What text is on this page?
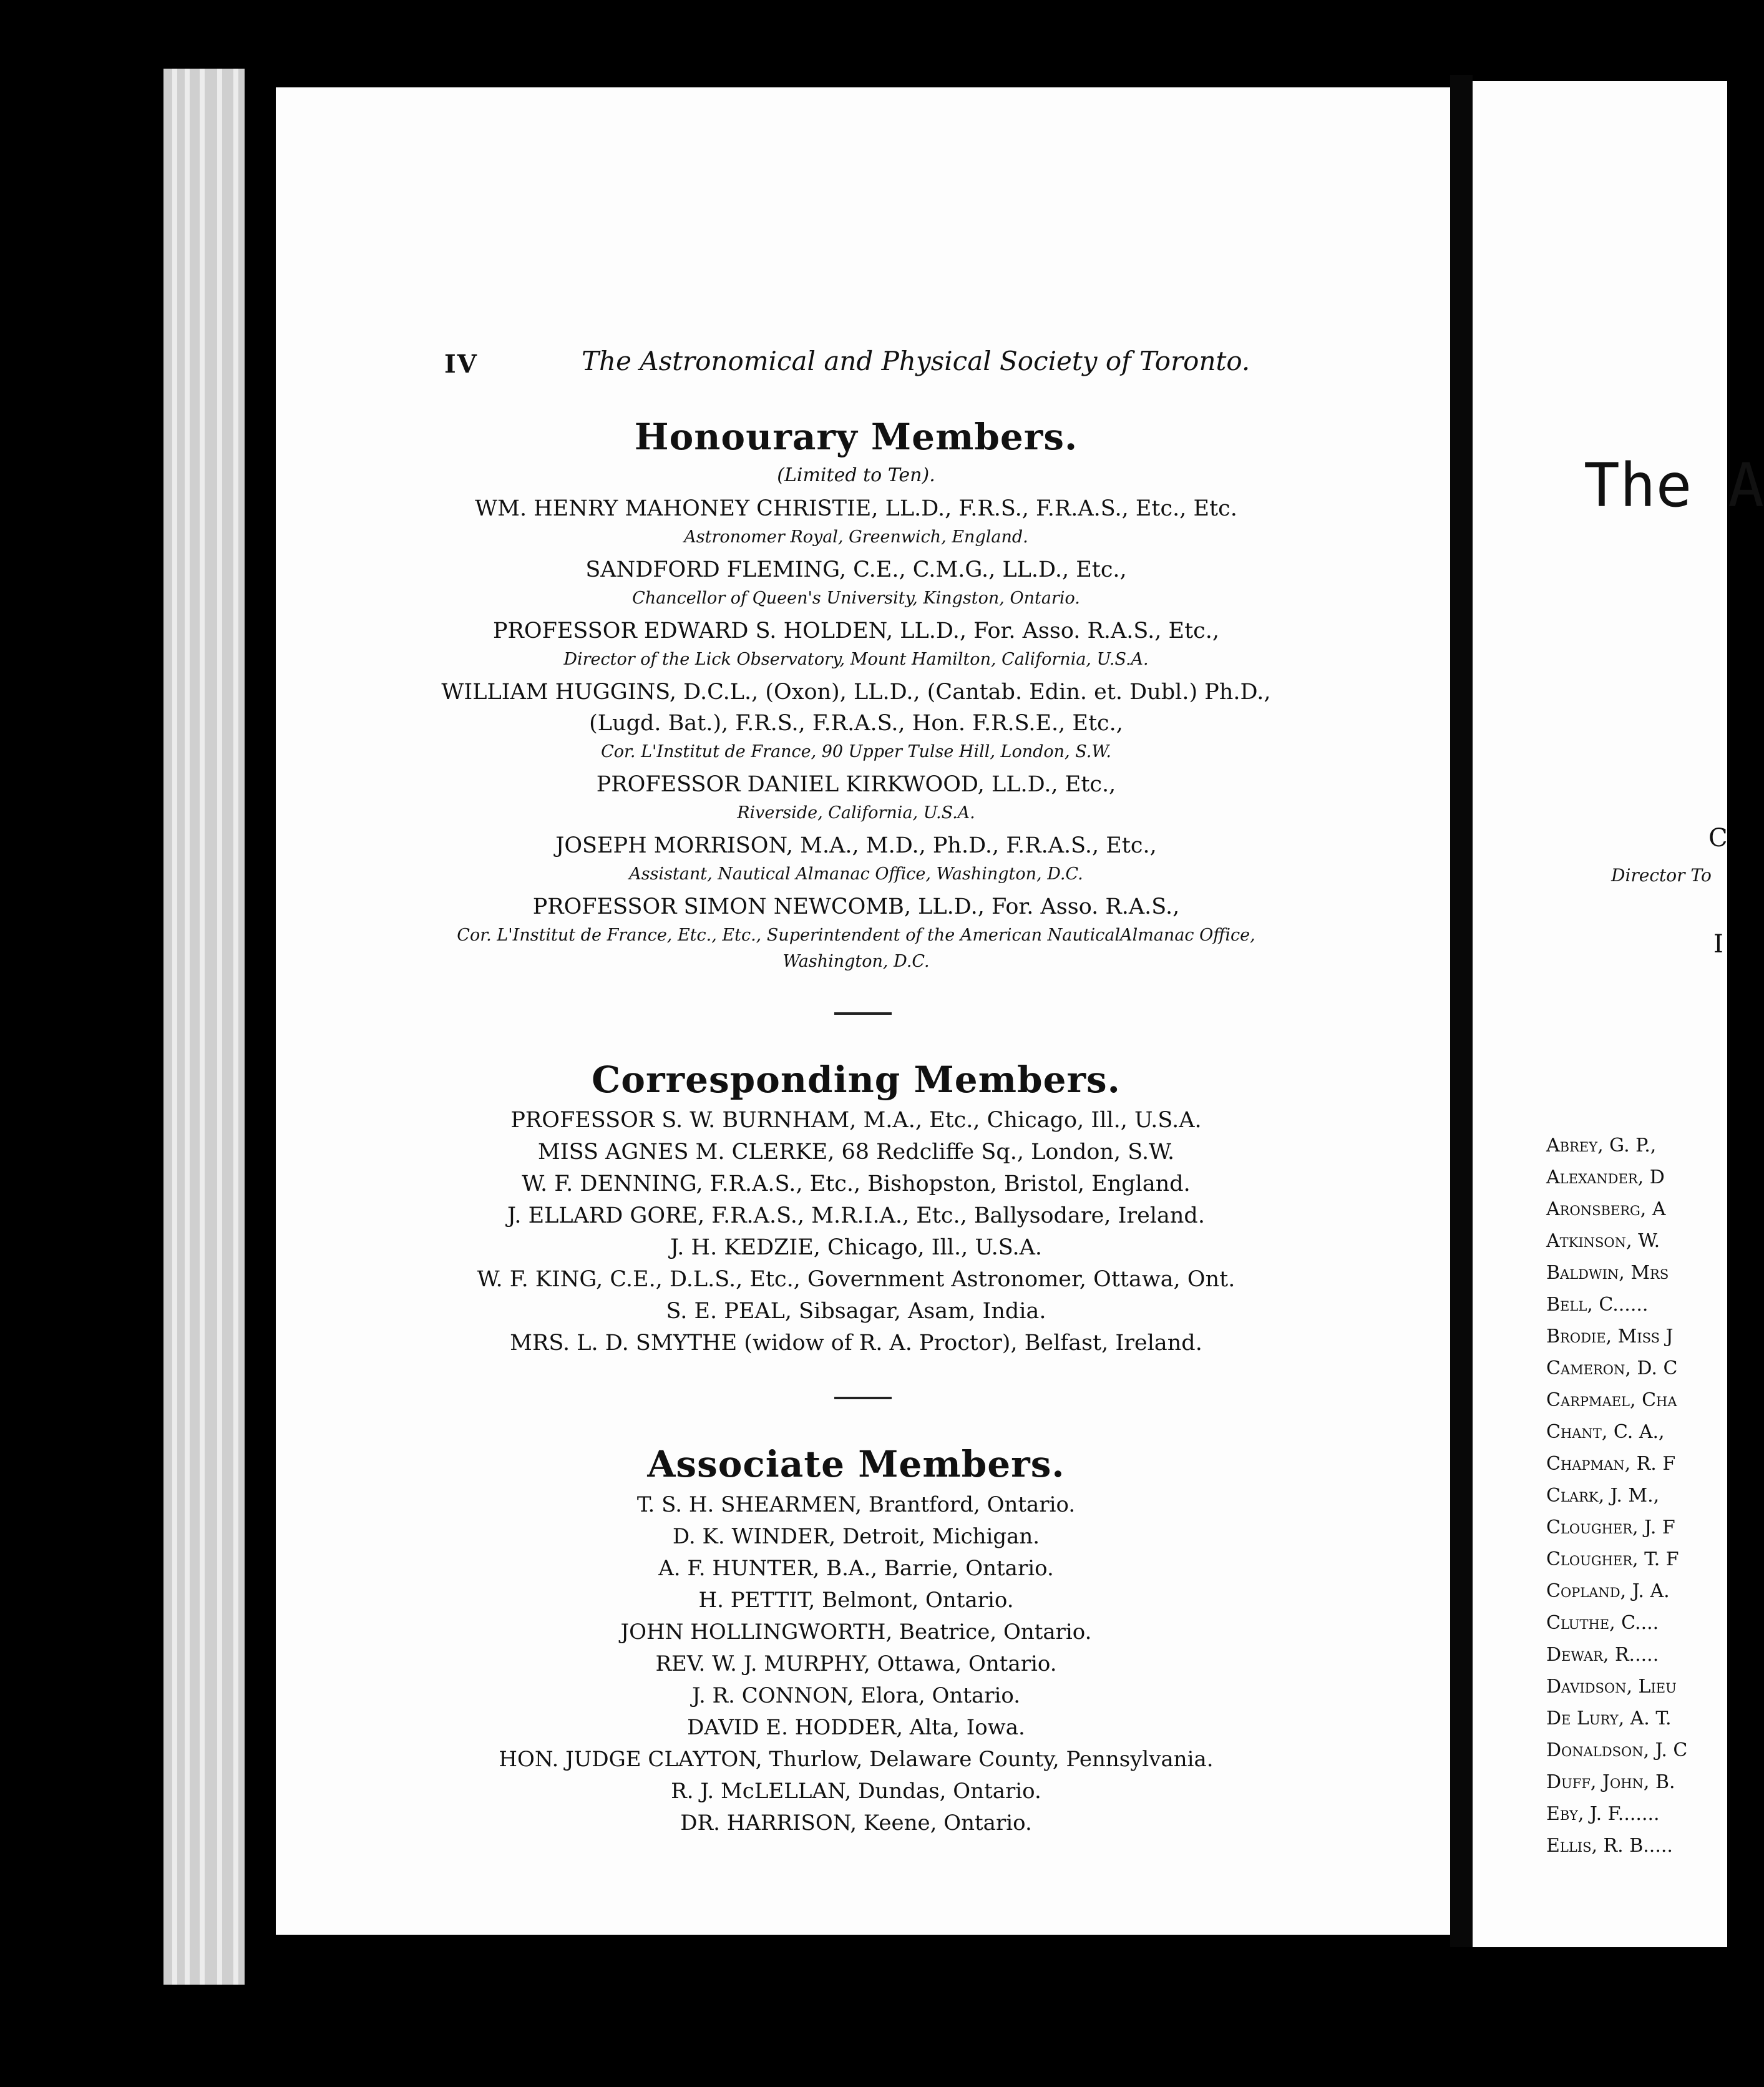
IV	The Astronomical and Physical Society of Toronto.
Honourary Members.
(Limited to Ten).
WM. HENRY MAHONEY CHRISTIE, LL.D., F.R.S., F.R.A.S., Etc., Etc.
Astronomer Royal, Greenwich, England.
SANDFORD FLEMING, C.E., C.M.G., LL.D., Etc.,
Chancellor of Queen's University, Kingston, Ontario.
PROFESSOR EDWARD S. HOLDEN, LL.D., For. Asso. R.A.S., Etc.,
Director of the Lick Observatory, Mount Hamilton, California, U.S.A.
WILLIAM HUGGINS, D.C.L., (Oxon), LL.D., (Cantab. Edin. et. Dubl.) Ph.D.,
(Lugd. Bat.), F.R.S., F.R.A.S., Hon. F.R.S.E., Etc.,
Cor. L'Institut de France, 90 Upper Tulse Hill, London, S.W.
PROFESSOR DANIEL KIRKWOOD, LL.D., Etc.,
Riverside, California, U.S.A.
JOSEPH MORRISON, M.A., M.D., Ph.D., F.R.A.S., Etc.,
Assistant, Nautical Almanac Office, Washington, D.C.
PROFESSOR SIMON NEWCOMB, LL.D., For. Asso. R.A.S.,
Cor. L'Institut de France, Etc., Etc., Superintendent of the American NauticalAlmanac Office,
Washington, D.C.
Corresponding Members.
PROFESSOR S. W. BURNHAM, M.A., Etc., Chicago, Ill., U.S.A.
MISS AGNES M. CLERKE, 68 Redcliffe Sq., London, S.W.
W. F. DENNING, F.R.A.S., Etc., Bishopston, Bristol, England.
J. ELLARD GORE, F.R.A.S., M.R.I.A., Etc., Ballysodare, Ireland.
J. H. KEDZIE, Chicago, Ill., U.S.A.
W. F. KING, C.E., D.L.S., Etc., Government Astronomer, Ottawa, Ont.
S. E. PEAL, Sibsagar, Asam, India.
MRS. L. D. SMYTHE (widow of R. A. Proctor), Belfast, Ireland.
Associate Members.
T. S. H. SHEARMEN, Brantford, Ontario.
D. K. WINDER, Detroit, Michigan.
A. F. HUNTER, B.A., Barrie, Ontario.
H. PETTIT, Belmont, Ontario.
JOHN HOLLINGWORTH, Beatrice, Ontario.
REV. W. J. MURPHY, Ottawa, Ontario.
J. R. CONNON, Elora, Ontario.
DAVID E. HODDER, Alta, Iowa.
HON. JUDGE CLAYTON, Thurlow, Delaware County, Pennsylvania.
R. J. McLELLAN, Dundas, Ontario.
DR. HARRISON, Keene, Ontario.
The A
C
Director To
I
Abrey, G. P.,
Alexander, D
Aronsberg, A
Atkinson, W.
Baldwin, Mrs
Bell, C......
Brodie, Miss J
Cameron, D. C
Carpmael, Cha
Chant, C. A.,
Chapman, R. F
Clark, J. M.,
Clougher, J. F
Clougher, T. F
Copland, J. A.
Cluthe, C....
Dewar, R.....
Davidson, Lieu
De Lury, A. T.
Donaldson, J. C
Duff, John, B.
Eby, J. F.......
Ellis, R. B.....
